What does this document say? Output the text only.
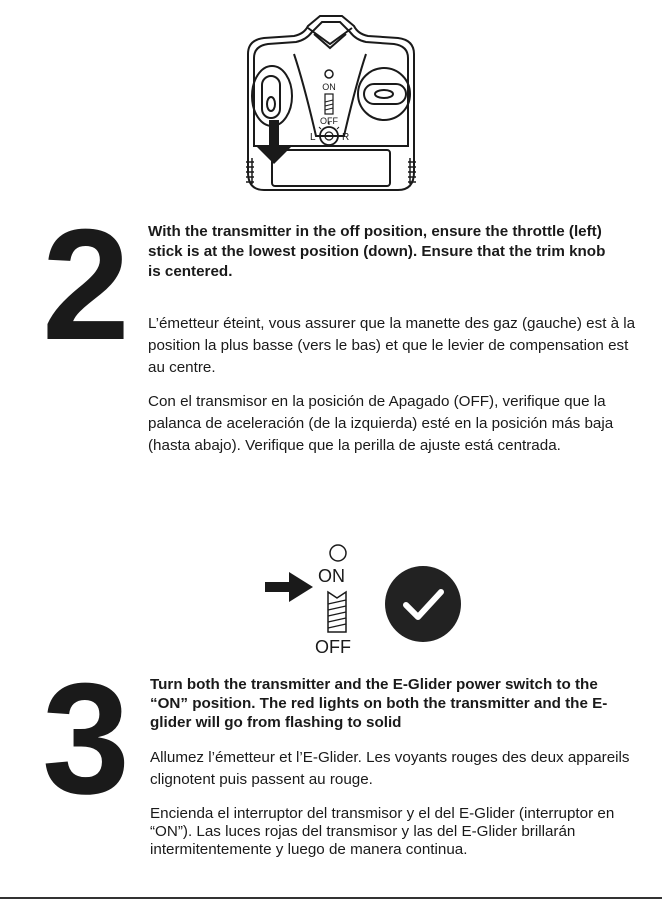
ON
OFF
L	R
2 With the transmitter in the off position, ensure the throttle (left) stick is at the lowest position (down). Ensure that the trim knob is centered.

L’émetteur éteint, vous assurer que la manette des gaz (gauche) est à la position la plus basse (vers le bas) et que le levier de compensation est au centre.

Con el transmisor en la posición de Apagado (OFF), verifique que la palanca de aceleración (de la izquierda) esté en la posición más baja (hasta abajo). Verifique que la perilla de ajuste está centrada.

ON
OFF
3 Turn both the transmitter and the E-Glider power switch to the “ON” position. The red lights on both the transmitter and the E-glider will go from flashing to solid

Allumez l’émetteur et l’E-Glider. Les voyants rouges des deux appareils clignotent puis passent au rouge.

Encienda el interruptor del transmisor y el del E-Glider (interruptor en “ON”). Las luces rojas del transmisor y las del E-Glider brillarán intermitentemente y luego de manera continua.
